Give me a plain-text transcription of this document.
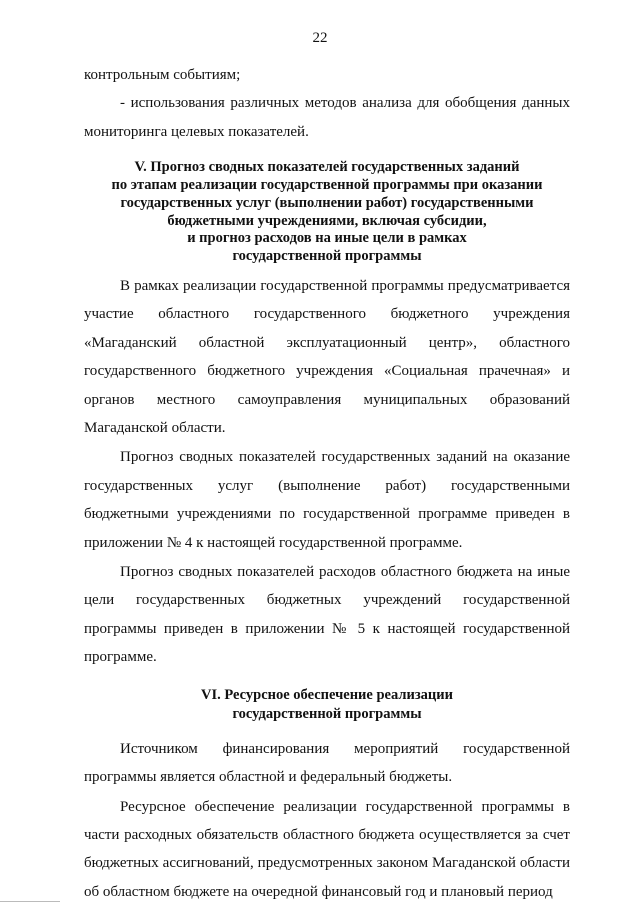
22

контрольным событиям;

- использования различных методов анализа для обобщения данных мониторинга целевых показателей.

V. Прогноз сводных показателей государственных заданий
по этапам реализации государственной программы при оказании
государственных услуг (выполнении работ) государственными
бюджетными учреждениями, включая субсидии,
и прогноз расходов на иные цели в рамках
государственной программы

В рамках реализации государственной программы предусматривается участие областного государственного бюджетного учреждения «Магаданский областной эксплуатационный центр», областного государственного бюджетного учреждения «Социальная прачечная» и органов местного самоуправления муниципальных образований Магаданской области.

Прогноз сводных показателей государственных заданий на оказание государственных услуг (выполнение работ) государственными бюджетными учреждениями по государственной программе приведен в приложении № 4 к настоящей государственной программе.

Прогноз сводных показателей расходов областного бюджета на иные цели государственных бюджетных учреждений государственной программы приведен в приложении № 5 к настоящей государственной программе.

VI. Ресурсное обеспечение реализации
государственной программы

Источником финансирования мероприятий государственной программы является областной и федеральный бюджеты.

Ресурсное обеспечение реализации государственной программы в части расходных обязательств областного бюджета осуществляется за счет бюджетных ассигнований, предусмотренных законом Магаданской области об областном бюджете на очередной финансовый год и плановый период
